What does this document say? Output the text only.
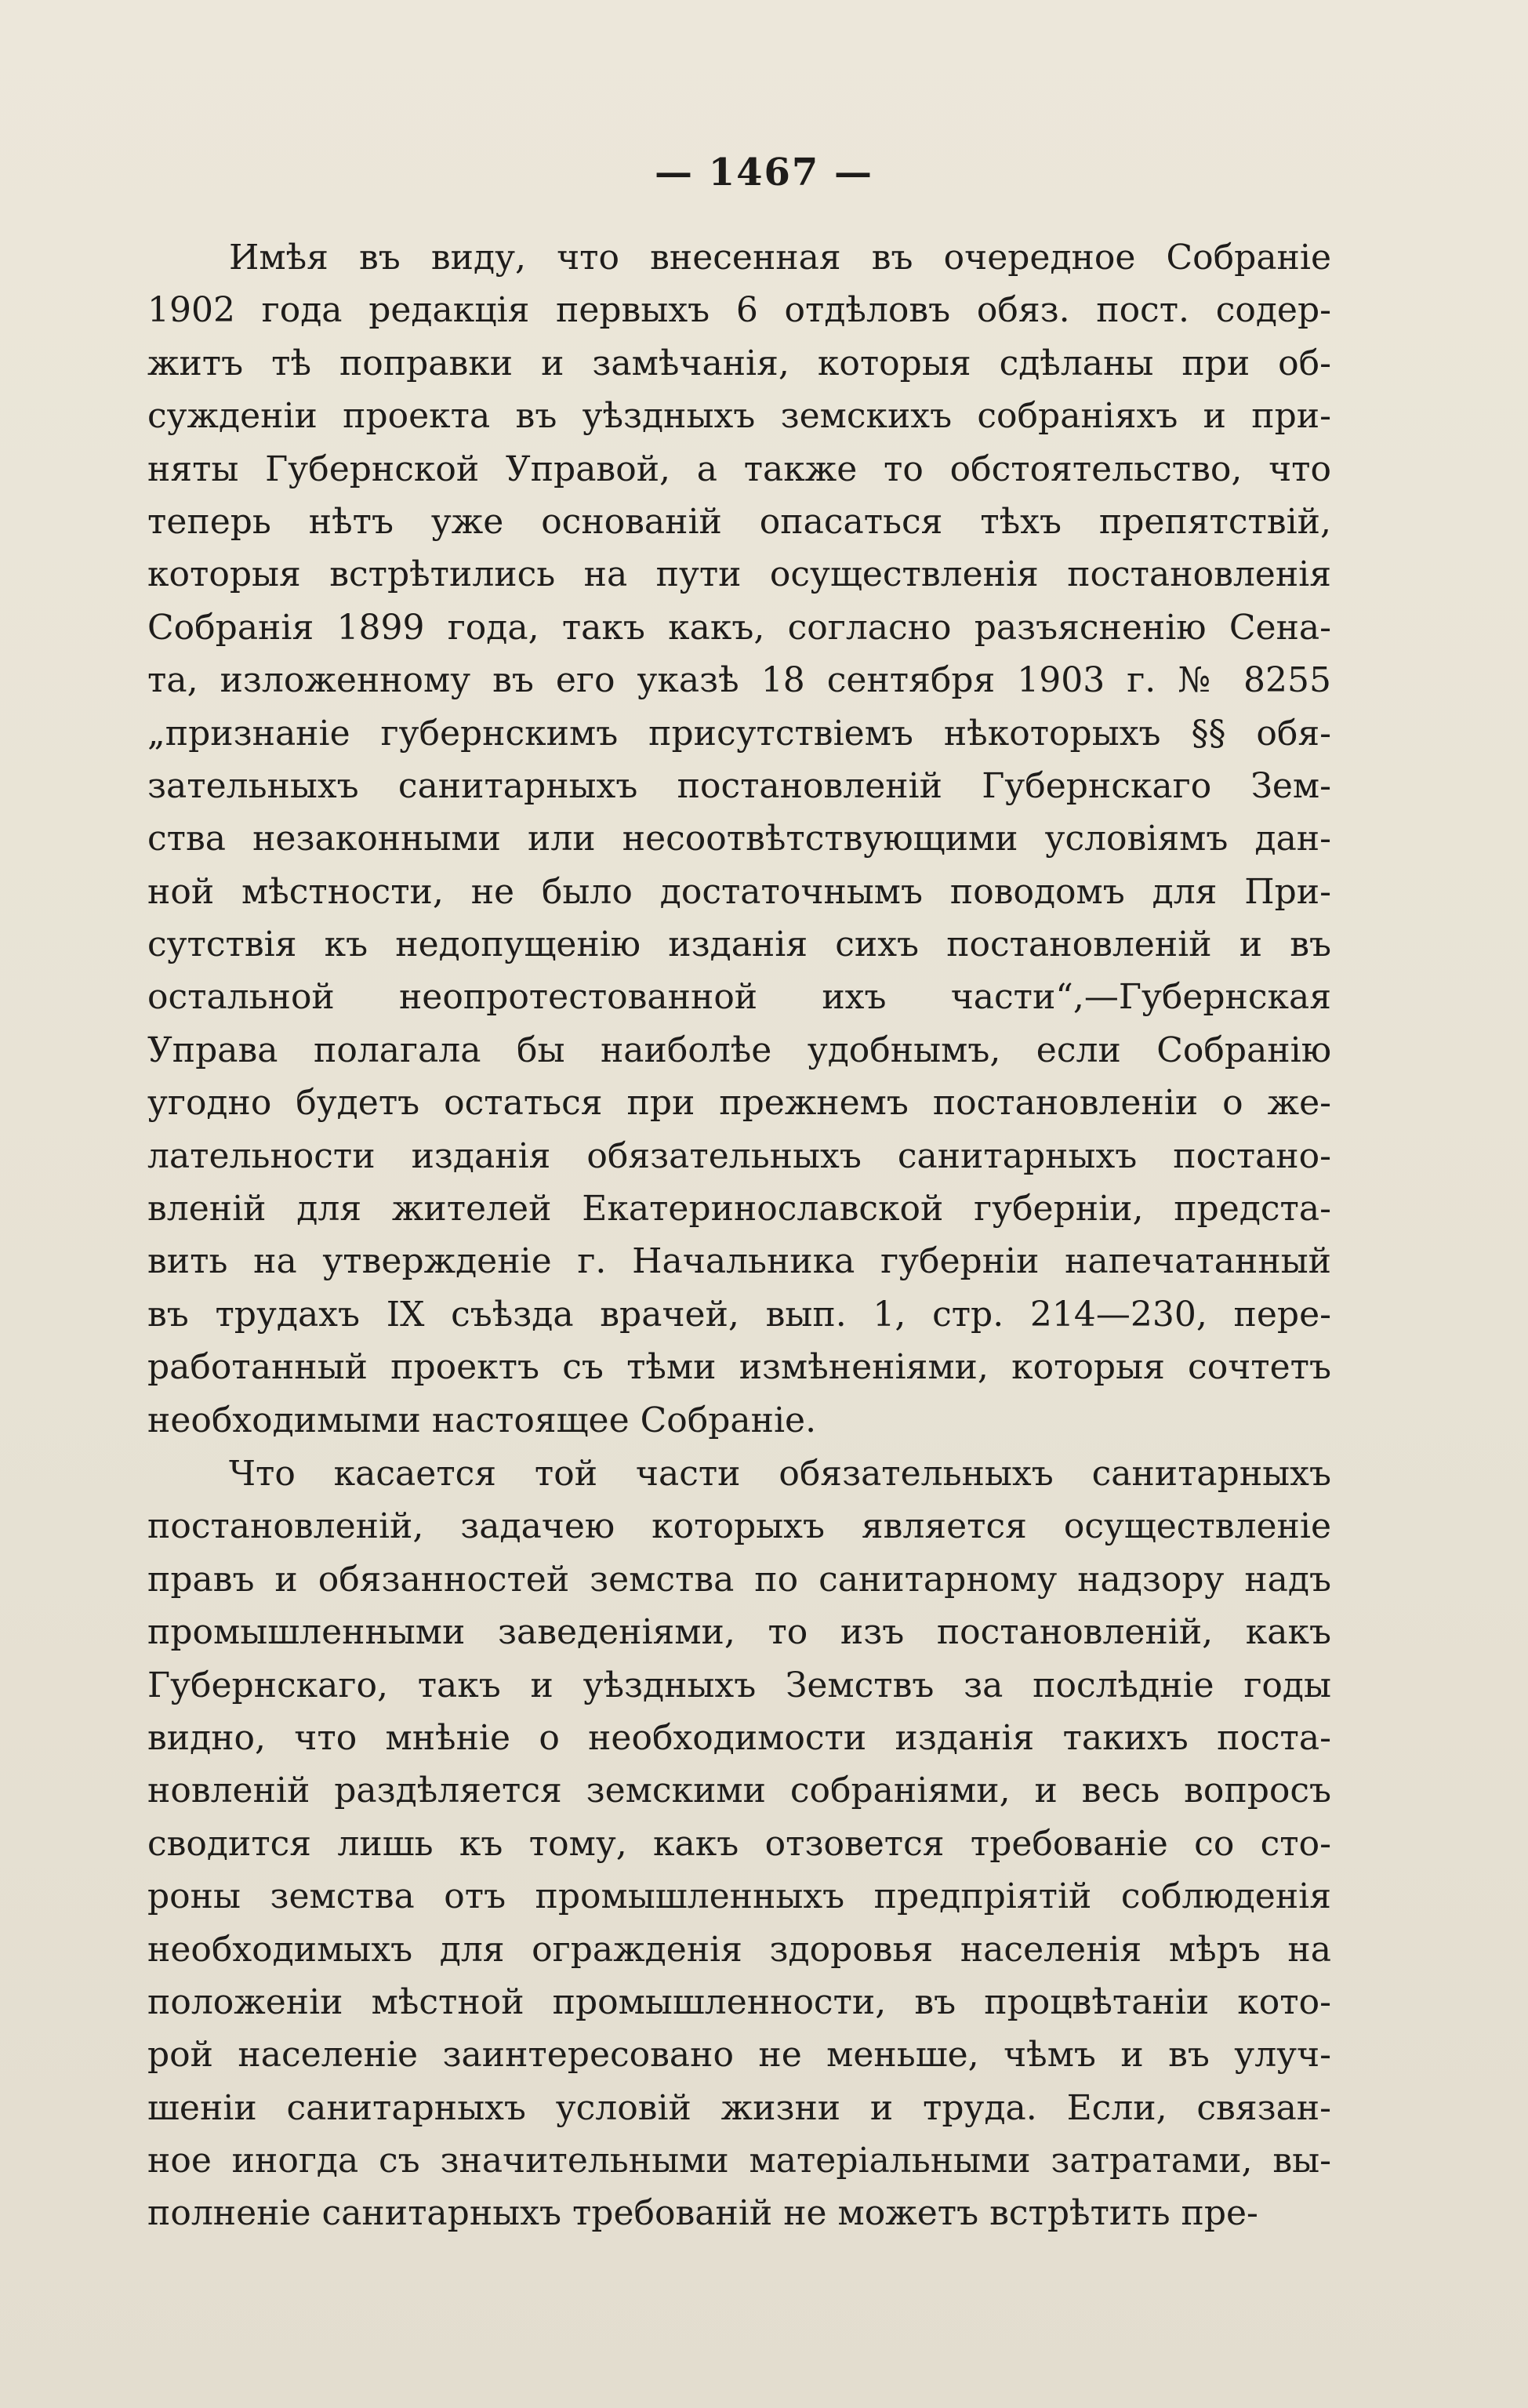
— 1467 —
Имѣя въ виду, что внесенная въ очередное Собраніе
1902 года редакція первыхъ 6 отдѣловъ обяз. пост. содер-
житъ тѣ поправки и замѣчанія, которыя сдѣланы при об-
сужденіи проекта въ уѣздныхъ земскихъ собраніяхъ и при-
няты Губернской Управой, а также то обстоятельство, что
теперь нѣтъ уже основаній опасаться тѣхъ препятствій,
которыя встрѣтились на пути осуществленія постановленія
Собранія 1899 года, такъ какъ, согласно разъясненію Сена-
та, изложенному въ его указѣ 18 сентября 1903 г. № 8255
„признаніе губернскимъ присутствіемъ нѣкоторыхъ §§ обя-
зательныхъ санитарныхъ постановленій Губернскаго Зем-
ства незаконными или несоотвѣтствующими условіямъ дан-
ной мѣстности, не было достаточнымъ поводомъ для При-
сутствія къ недопущенію изданія сихъ постановленій и въ
остальной неопротестованной ихъ части“,—Губернская
Управа полагала бы наиболѣе удобнымъ, если Собранію
угодно будетъ остаться при прежнемъ постановленіи о же-
лательности изданія обязательныхъ санитарныхъ постано-
вленій для жителей Екатеринославской губерніи, предста-
вить на утвержденіе г. Начальника губерніи напечатанный
въ трудахъ IX съѣзда врачей, вып. 1, стр. 214—230, пере-
работанный проектъ съ тѣми измѣненіями, которыя сочтетъ
необходимыми настоящее Собраніе.
Что касается той части обязательныхъ санитарныхъ
постановленій, задачею которыхъ является осуществленіе
правъ и обязанностей земства по санитарному надзору надъ
промышленными заведеніями, то изъ постановленій, какъ
Губернскаго, такъ и уѣздныхъ Земствъ за послѣдніе годы
видно, что мнѣніе о необходимости изданія такихъ поста-
новленій раздѣляется земскими собраніями, и весь вопросъ
сводится лишь къ тому, какъ отзовется требованіе со сто-
роны земства отъ промышленныхъ предпріятій соблюденія
необходимыхъ для огражденія здоровья населенія мѣръ на
положеніи мѣстной промышленности, въ процвѣтаніи кото-
рой населеніе заинтересовано не меньше, чѣмъ и въ улуч-
шеніи санитарныхъ условій жизни и труда. Если, связан-
ное иногда съ значительными матеріальными затратами, вы-
полненіе санитарныхъ требованій не можетъ встрѣтить пре-
